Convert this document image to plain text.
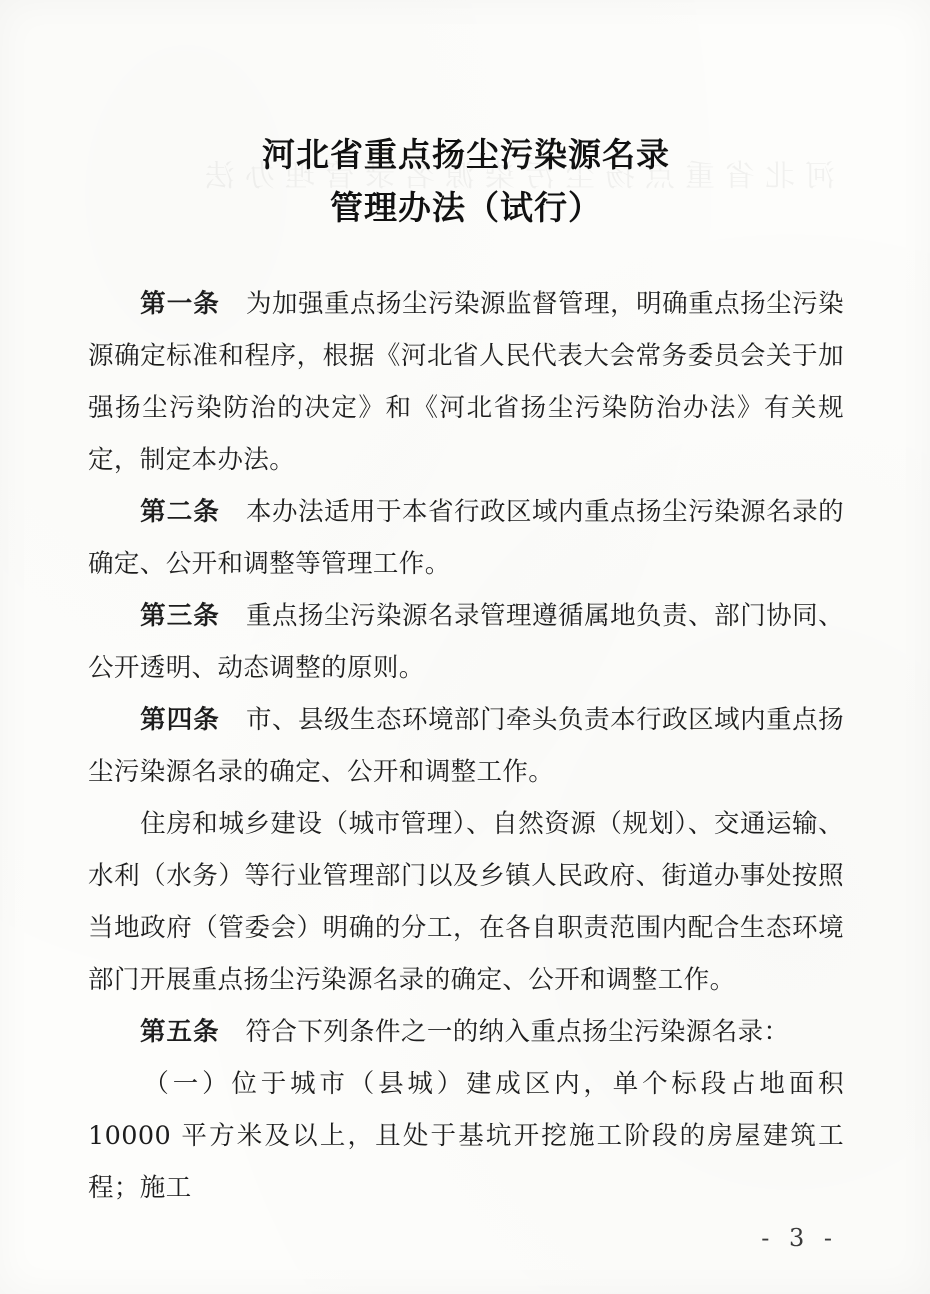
河北省重点扬尘污染源名录
管理办法（试行）

第一条 为加强重点扬尘污染源监督管理，明确重点扬尘污染源确定标准和程序，根据《河北省人民代表大会常务委员会关于加强扬尘污染防治的决定》和《河北省扬尘污染防治办法》有关规定，制定本办法。

第二条 本办法适用于本省行政区域内重点扬尘污染源名录的确定、公开和调整等管理工作。

第三条 重点扬尘污染源名录管理遵循属地负责、部门协同、公开透明、动态调整的原则。

第四条 市、县级生态环境部门牵头负责本行政区域内重点扬尘污染源名录的确定、公开和调整工作。

住房和城乡建设（城市管理）、自然资源（规划）、交通运输、水利（水务）等行业管理部门以及乡镇人民政府、街道办事处按照当地政府（管委会）明确的分工，在各自职责范围内配合生态环境部门开展重点扬尘污染源名录的确定、公开和调整工作。

第五条 符合下列条件之一的纳入重点扬尘污染源名录：

（一）位于城市（县城）建成区内，单个标段占地面积 10000 平方米及以上，且处于基坑开挖施工阶段的房屋建筑工程；施工

- 3 -
